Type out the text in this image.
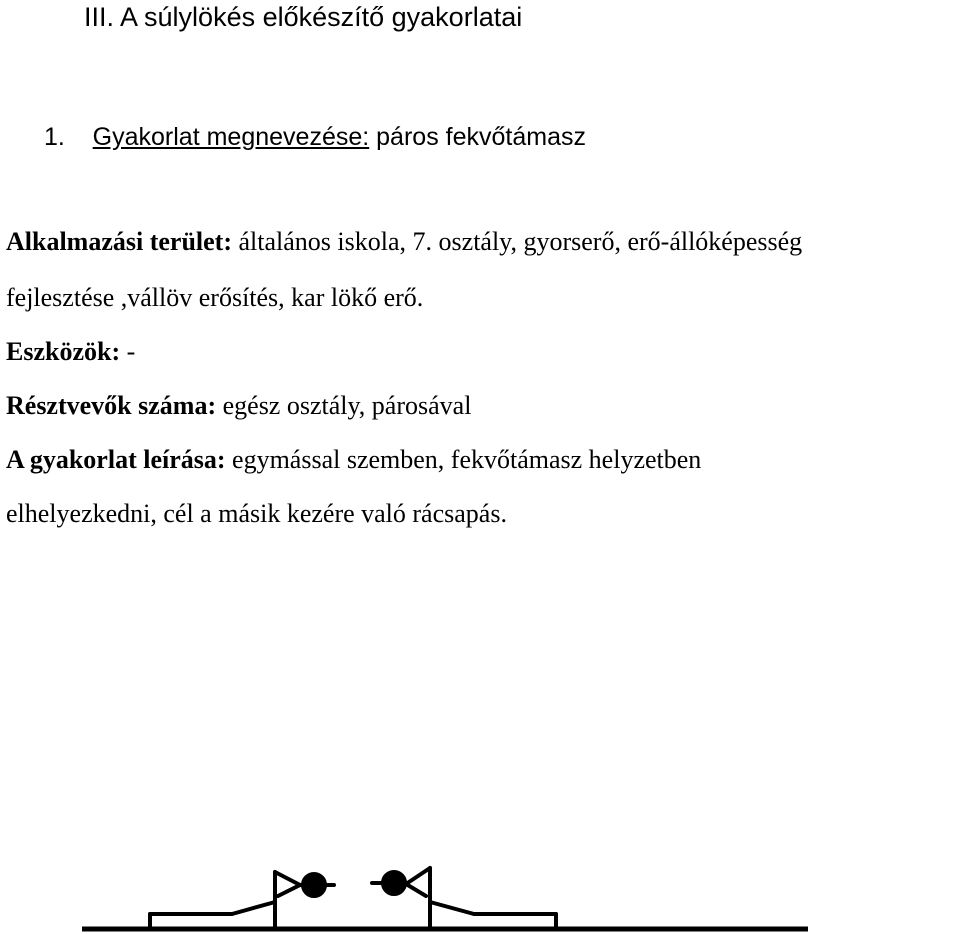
III. A súlylökés előkészítő gyakorlatai
1. Gyakorlat megnevezése: páros fekvőtámasz
Alkalmazási terület: általános iskola, 7. osztály, gyorserő, erő-állóképesség
fejlesztése ,vállöv erősítés, kar lökő erő.
Eszközök: -
Résztvevők száma: egész osztály, párosával
A gyakorlat leírása: egymással szemben, fekvőtámasz helyzetben
elhelyezkedni, cél a másik kezére való rácsapás.
